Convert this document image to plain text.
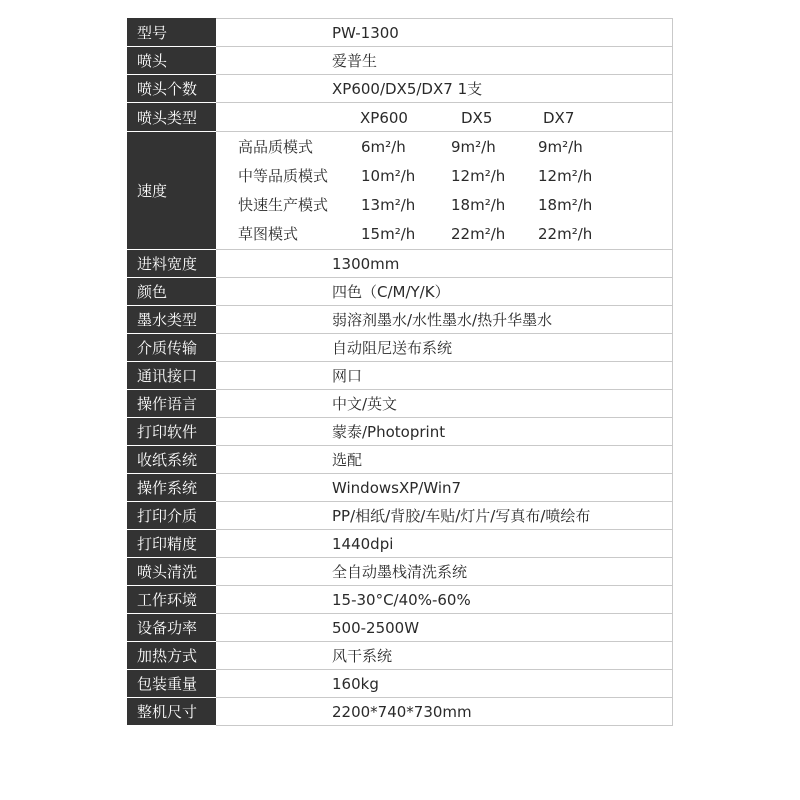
型号	PW-1300
喷头	爱普生
喷头个数	XP600/DX5/DX7 1支
喷头类型	XP600	DX5	DX7

速度	
高品质模式	6m²/h	9m²/h	9m²/h
中等品质模式	10m²/h	12m²/h	12m²/h
快速生产模式	13m²/h	18m²/h	18m²/h
草图模式	15m²/h	22m²/h	22m²/h

进料宽度	1300mm
颜色	四色（C/M/Y/K）
墨水类型	弱溶剂墨水/水性墨水/热升华墨水
介质传输	自动阻尼送布系统
通讯接口	网口
操作语言	中文/英文
打印软件	蒙泰/Photoprint
收纸系统	选配
操作系统	WindowsXP/Win7
打印介质	PP/相纸/背胶/车贴/灯片/写真布/喷绘布
打印精度	1440dpi
喷头清洗	全自动墨栈清洗系统
工作环境	15-30°C/40%-60%
设备功率	500-2500W
加热方式	风干系统
包装重量	160kg
整机尺寸	2200*740*730mm
